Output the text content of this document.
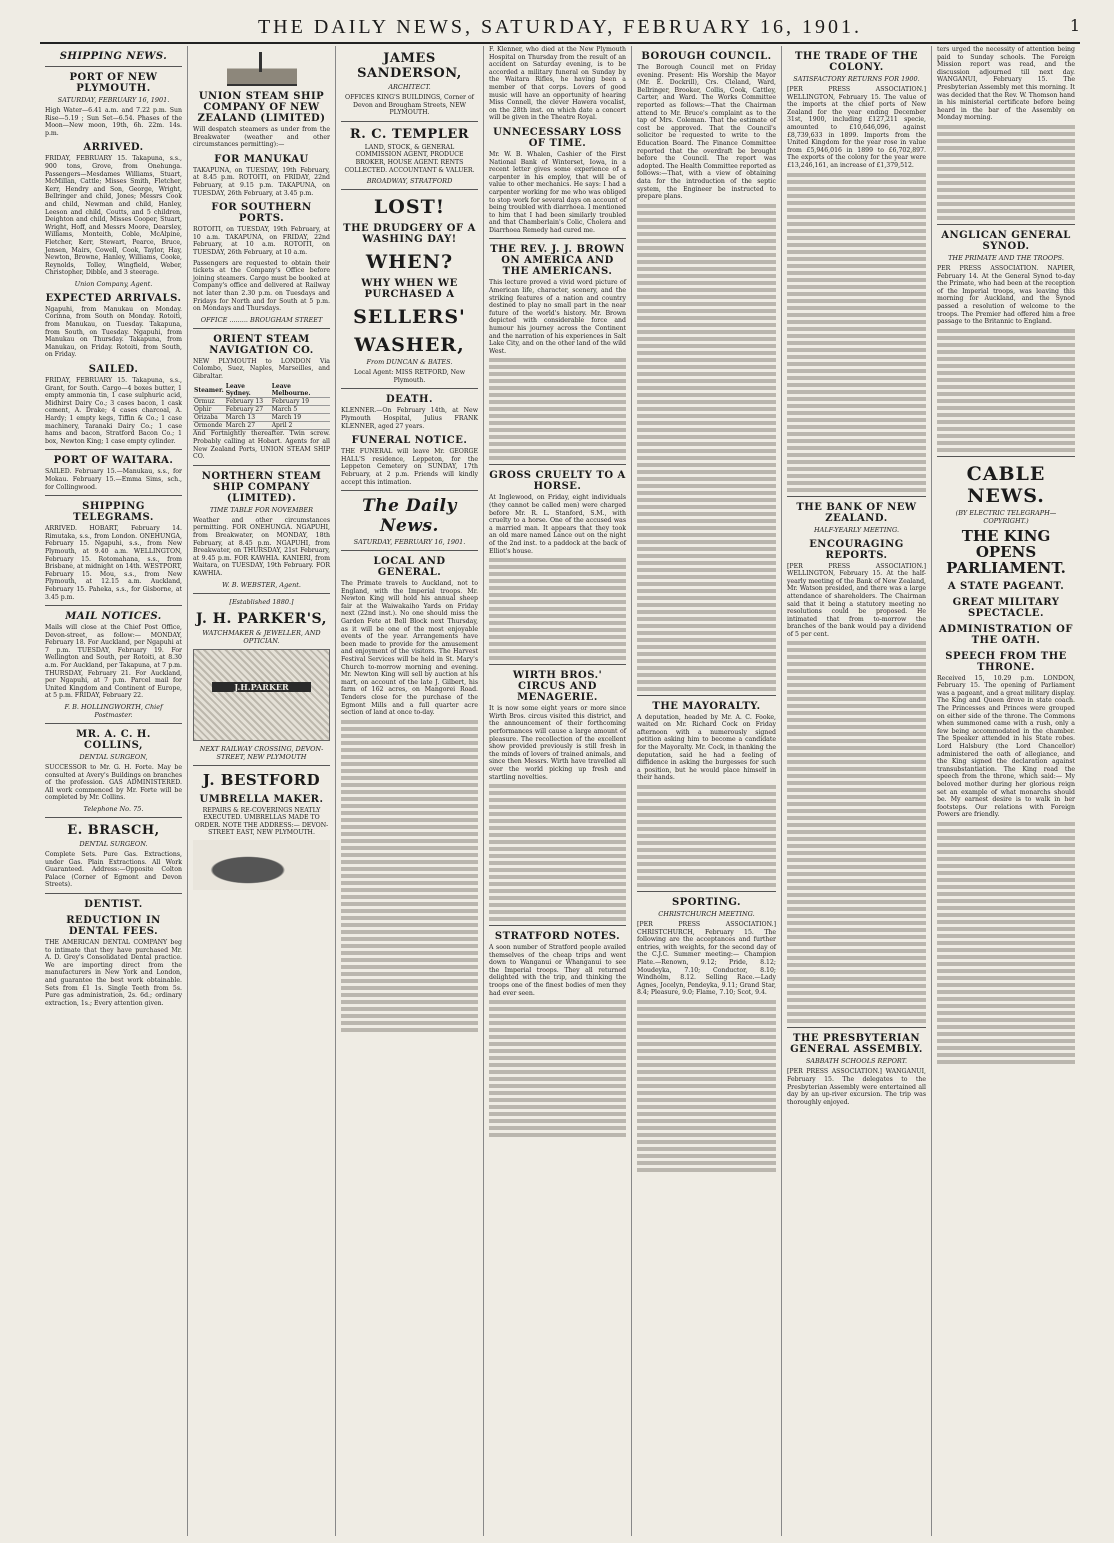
THE DAILY NEWS, SATURDAY, FEBRUARY 16, 1901.	1
SHIPPING NEWS.
PORT OF NEW PLYMOUTH.
SATURDAY, FEBRUARY 16, 1901.
High Water—6.41 a.m. and 7.22 p.m. Sun Rise—5.19 ; Sun Set—6.54. Phases of the Moon—New moon, 19th, 6h. 22m. 14s. p.m.
ARRIVED.
FRIDAY, FEBRUARY 15. Takapuna, s.s., 900 tons, Grove, from Onehunga. Passengers—Mesdames Williams, Stuart, McMillan, Cattle; Misses Smith, Fletcher, Kerr, Hendry and Son, George, Wright, Bellringer and child, Jones; Messrs Cook and child, Newman and child, Hanley, Leeson and child, Coutts, and 5 children, Deighton and child, Misses Cooper, Stuart, Wright, Hoff, and Messrs Moore, Dearsley, Williams, Monteith, Coble, McAlpine, Fletcher, Kerr, Stewart, Pearce, Bruce, Jensen, Mairs, Cowell, Cook, Taylor, Hay, Newton, Browne, Hanley, Williams, Cooke, Reynolds, Tolley, Wingfield, Weber, Christopher, Dibble, and 3 steerage.
Union Company, Agent.
EXPECTED ARRIVALS.
Ngapuhi, from Manukau on Monday. Corinna, from South on Monday. Rotoiti, from Manukau, on Tuesday. Takapuna, from South, on Tuesday. Ngapuhi, from Manukau on Thursday. Takapuna, from Manukau, on Friday. Rotoiti, from South, on Friday.
SAILED.
FRIDAY, FEBRUARY 15. Takapuna, s.s., Grant, for South. Cargo—4 boxes butter, 1 empty ammonia tin, 1 case sulphuric acid, Midhirst Dairy Co.; 3 cases bacon, 1 cask cement, A. Drake; 4 cases charcoal, A. Hardy; 1 empty kegs, Tiffin & Co.; 1 case machinery, Taranaki Dairy Co.; 1 case hams and bacon, Stratford Bacon Co.; 1 box, Newton King; 1 case empty cylinder.
PORT OF WAITARA.
SAILED. February 15.—Manukau, s.s., for Mokau. February 15.—Emma Sims, sch., for Collingwood.
SHIPPING TELEGRAMS.
ARRIVED. HOBART, February 14. Rimutaka, s.s., from London. ONEHUNGA, February 15. Ngapuhi, s.s., from New Plymouth, at 9.40 a.m. WELLINGTON, February 15. Rotomahana, s.s., from Brisbane, at midnight on 14th. WESTPORT, February 15. Mou, s.s., from New Plymouth, at 12.15 a.m. Auckland, February 15. Paheka, s.s., for Gisborne, at 3.45 p.m.
MAIL NOTICES.
Mails will close at the Chief Post Office, Devon-street, as follow:— MONDAY, February 18. For Auckland, per Ngapuhi at 7 p.m. TUESDAY, February 19. For Wellington and South, per Rotoiti, at 8.30 a.m. For Auckland, per Takapuna, at 7 p.m. THURSDAY, February 21. For Auckland, per Ngapuhi, at 7 p.m. Parcel mail for United Kingdom and Continent of Europe, at 5 p.m. FRIDAY, February 22.
F. B. HOLLINGWORTH, Chief Postmaster.
MR. A. C. H. COLLINS,
DENTAL SURGEON,
SUCCESSOR to Mr. G. H. Forte. May be consulted at Avery's Buildings on branches of the profession. GAS ADMINISTERED. All work commenced by Mr. Forte will be completed by Mr. Collins.
Telephone No. 75.
E. BRASCH,
DENTAL SURGEON.
Complete Sets. Pure Gas. Extractions, under Gas. Plain Extractions. All Work Guaranteed. Address:—Opposite Colton Palace (Corner of Egmont and Devon Streets).
DENTIST.
REDUCTION IN DENTAL FEES.
THE AMERICAN DENTAL COMPANY beg to intimate that they have purchased Mr. A. D. Grey's Consolidated Dental practice. We are importing direct from the manufacturers in New York and London, and guarantee the best work obtainable. Sets from £1 1s. Single Teeth from 5s. Pure gas administration, 2s. 6d.; ordinary extraction, 1s.; Every attention given.
UNION STEAM SHIP COMPANY OF NEW ZEALAND (LIMITED)
Will despatch steamers as under from the Breakwater (weather and other circumstances permitting):—
FOR MANUKAU
TAKAPUNA, on TUESDAY, 19th February, at 8.45 p.m. ROTOITI, on FRIDAY, 22nd February, at 9.15 p.m. TAKAPUNA, on TUESDAY, 26th February, at 3.45 p.m.
FOR SOUTHERN PORTS.
ROTOITI, on TUESDAY, 19th February, at 10 a.m. TAKAPUNA, on FRIDAY, 22nd February, at 10 a.m. ROTOITI, on TUESDAY, 26th February, at 10 a.m.
Passengers are requested to obtain their tickets at the Company's Office before joining steamers. Cargo must be booked at Company's office and delivered at Railway not later than 2.30 p.m. on Tuesdays and Fridays for North and for South at 5 p.m. on Mondays and Thursdays.
OFFICE ......... BROUGHAM STREET
ORIENT STEAM NAVIGATION CO.
NEW PLYMOUTH to LONDON Via Colombo, Suez, Naples, Marseilles, and Gibraltar.
Steamer.	Leave Sydney.	Leave Melbourne.
Ormuz	February 13	February 19
Ophir	February 27	March 5
Orizaba	March 13	March 19
Ormonde	March 27	April 2
And Fortnightly thereafter. Twin screw. Probably calling at Hobart. Agents for all New Zealand Ports, UNION STEAM SHIP CO.
NORTHERN STEAM SHIP COMPANY (LIMITED).
TIME TABLE FOR NOVEMBER
Weather and other circumstances permitting. FOR ONEHUNGA. NGAPUHI, from Breakwater, on MONDAY, 18th February, at 8.45 p.m. NGAPUHI, from Breakwater, on THURSDAY, 21st February, at 9.45 p.m. FOR KAWHIA. KANIERI, from Waitara, on TUESDAY, 19th February. FOR KAWHIA.
W. B. WEBSTER, Agent.
[Established 1880.]
J. H. PARKER'S,
WATCHMAKER & JEWELLER, AND OPTICIAN.
J.H.PARKER
NEXT RAILWAY CROSSING, DEVON-STREET, NEW PLYMOUTH
J. BESTFORD
UMBRELLA MAKER.
REPAIRS & RE-COVERINGS NEATLY EXECUTED. UMBRELLAS MADE TO ORDER. NOTE THE ADDRESS:— DEVON-STREET EAST, NEW PLYMOUTH.
JAMES SANDERSON,
ARCHITECT.
OFFICES KING'S BUILDINGS, Corner of Devon and Brougham Streets, NEW PLYMOUTH.
R. C. TEMPLER
LAND, STOCK, & GENERAL COMMISSION AGENT, PRODUCE BROKER, HOUSE AGENT. RENTS COLLECTED. ACCOUNTANT & VALUER.
BROADWAY, STRATFORD
LOST!
THE DRUDGERY OF A WASHING DAY!
WHEN?
WHY WHEN WE PURCHASED A
SELLERS'
WASHER,
From DUNCAN & BATES.
Local Agent: MISS RETFORD, New Plymouth.
DEATH.
KLENNER.—On February 14th, at New Plymouth Hospital, Julius FRANK KLENNER, aged 27 years.
FUNERAL NOTICE.
THE FUNERAL will leave Mr. GEORGE HALL'S residence, Leppeton, for the Leppeton Cemetery on SUNDAY, 17th February, at 2 p.m. Friends will kindly accept this intimation.
The Daily News.
SATURDAY, FEBRUARY 16, 1901.
LOCAL AND GENERAL.
The Primate travels to Auckland, not to England, with the Imperial troops. Mr. Newton King will hold his annual sheep fair at the Waiwakaiho Yards on Friday next (22nd inst.). No one should miss the Garden Fete at Bell Block next Thursday, as it will be one of the most enjoyable events of the year. Arrangements have been made to provide for the amusement and enjoyment of the visitors. The Harvest Festival Services will be held in St. Mary's Church to-morrow morning and evening. Mr. Newton King will sell by auction at his mart, on account of the late J. Gilbert, his farm of 162 acres, on Mangorei Road. Tenders close for the purchase of the Egmont Mills and a full quarter acre section of land at once to-day.
F. Klenner, who died at the New Plymouth Hospital on Thursday from the result of an accident on Saturday evening, is to be accorded a military funeral on Sunday by the Waitara Rifles, he having been a member of that corps. Lovers of good music will have an opportunity of hearing Miss Connell, the clever Hawera vocalist, on the 28th inst. on which date a concert will be given in the Theatre Royal.
UNNECESSARY LOSS OF TIME.
Mr. W. B. Whalen, Cashier of the First National Bank of Winterset, Iowa, in a recent letter gives some experience of a carpenter in his employ, that will be of value to other mechanics. He says: I had a carpenter working for me who was obliged to stop work for several days on account of being troubled with diarrhoea. I mentioned to him that I had been similarly troubled and that Chamberlain's Colic, Cholera and Diarrhoea Remedy had cured me.
THE REV. J. J. BROWN ON AMERICA AND THE AMERICANS.
This lecture proved a vivid word picture of American life, character, scenery, and the striking features of a nation and country destined to play no small part in the near future of the world's history. Mr. Brown depicted with considerable force and humour his journey across the Continent and the narration of his experiences in Salt Lake City, and on the other land of the wild West.
GROSS CRUELTY TO A HORSE.
At Inglewood, on Friday, eight individuals (they cannot be called men) were charged before Mr. R. L. Stanford, S.M., with cruelty to a horse. One of the accused was a married man. It appears that they took an old mare named Lance out on the night of the 2nd inst. to a paddock at the back of Elliot's house.
WIRTH BROS.' CIRCUS AND MENAGERIE.
It is now some eight years or more since Wirth Bros. circus visited this district, and the announcement of their forthcoming performances will cause a large amount of pleasure. The recollection of the excellent show provided previously is still fresh in the minds of lovers of trained animals, and since then Messrs. Wirth have travelled all over the world picking up fresh and startling novelties.
STRATFORD NOTES.
A soon number of Stratford people availed themselves of the cheap trips and went down to Wanganui or Whanganui to see the Imperial troops. They all returned delighted with the trip, and thinking the troops one of the finest bodies of men they had ever seen.
BOROUGH COUNCIL.
The Borough Council met on Friday evening. Present: His Worship the Mayor (Mr. E. Dockrill), Crs. Cleland, Ward, Bellringer, Brooker, Collis, Cook, Cattley, Carter, and Ward. The Works Committee reported as follows:—That the Chairman attend to Mr. Bruce's complaint as to the tap of Mrs. Coleman. That the estimate of cost be approved. That the Council's solicitor be requested to write to the Education Board. The Finance Committee reported that the overdraft be brought before the Council. The report was adopted. The Health Committee reported as follows:—That, with a view of obtaining data for the introduction of the septic system, the Engineer be instructed to prepare plans.
THE MAYORALTY.
A deputation, headed by Mr. A. C. Fooke, waited on Mr. Richard Cock on Friday afternoon with a numerously signed petition asking him to become a candidate for the Mayoralty. Mr. Cock, in thanking the deputation, said he had a feeling of diffidence in asking the burgesses for such a position, but he would place himself in their hands.
SPORTING.
CHRISTCHURCH MEETING.
[PER PRESS ASSOCIATION.] CHRISTCHURCH, February 15. The following are the acceptances and further entries, with weights, for the second day of the C.J.C. Summer meeting:— Champion Plate.—Renown, 9.12; Pride, 8.12; Moudeyka, 7.10; Conductor, 8.10; Windholm, 8.12. Selling Race.—Lady Agnes, Jocelyn, Pendeyka, 9.11; Grand Star, 8.4; Pleasure, 9.0; Flame, 7.10; Scot, 9.4.
THE TRADE OF THE COLONY.
SATISFACTORY RETURNS FOR 1900.
[PER PRESS ASSOCIATION.] WELLINGTON, February 15. The value of the imports at the chief ports of New Zealand for the year ending December 31st, 1900, including £127,211 specie, amounted to £10,646,096, against £8,739,633 in 1899. Imports from the United Kingdom for the year rose in value from £5,946,016 in 1899 to £6,702,897. The exports of the colony for the year were £13,246,161, an increase of £1,379,512.
THE BANK OF NEW ZEALAND.
HALF-YEARLY MEETING.
ENCOURAGING REPORTS.
[PER PRESS ASSOCIATION.] WELLINGTON, February 15. At the half-yearly meeting of the Bank of New Zealand, Mr. Watson presided, and there was a large attendance of shareholders. The Chairman said that it being a statutory meeting no resolutions could be proposed. He intimated that from to-morrow the branches of the bank would pay a dividend of 5 per cent.
THE PRESBYTERIAN GENERAL ASSEMBLY.
SABBATH SCHOOLS REPORT.
[PER PRESS ASSOCIATION.] WANGANUI, February 15. The delegates to the Presbyterian Assembly were entertained all day by an up-river excursion. The trip was thoroughly enjoyed.
ters urged the necessity of attention being paid to Sunday schools. The Foreign Mission report was read, and the discussion adjourned till next day. WANGANUI, February 15. The Presbyterian Assembly met this morning. It was decided that the Rev. W. Thomson hand in his ministerial certificate before being heard in the bar of the Assembly on Monday morning.
ANGLICAN GENERAL SYNOD.
THE PRIMATE AND THE TROOPS.
PER PRESS ASSOCIATION. NAPIER, February 14. At the General Synod to-day the Primate, who had been at the reception of the Imperial troops, was leaving this morning for Auckland, and the Synod passed a resolution of welcome to the troops. The Premier had offered him a free passage to the Britannic to England.
CABLE NEWS.
(BY ELECTRIC TELEGRAPH—COPYRIGHT.)
THE KING OPENS PARLIAMENT.
A STATE PAGEANT.
GREAT MILITARY SPECTACLE.
ADMINISTRATION OF THE OATH.
SPEECH FROM THE THRONE.
Received 15, 10.29 p.m. LONDON, February 15. The opening of Parliament was a pageant, and a great military display. The King and Queen drove in state coach. The Princesses and Princes were grouped on either side of the throne. The Commons when summoned came with a rush, only a few being accommodated in the chamber. The Speaker attended in his State robes. Lord Halsbury (the Lord Chancellor) administered the oath of allegiance, and the King signed the declaration against transubstantiation. The King read the speech from the throne, which said:— My beloved mother during her glorious reign set an example of what monarchs should be. My earnest desire is to walk in her footsteps. Our relations with Foreign Powers are friendly.
